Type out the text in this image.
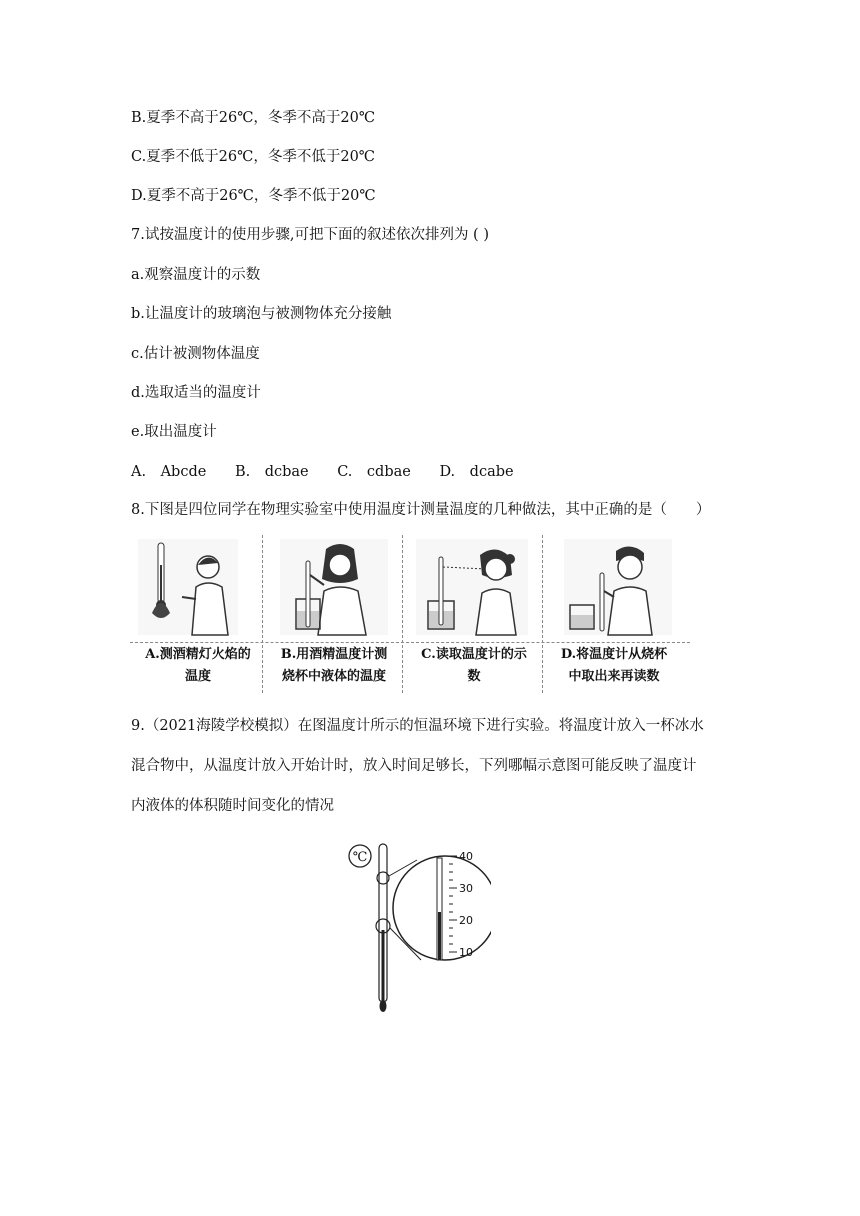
B.夏季不高于26℃，冬季不高于20℃
C.夏季不低于26℃，冬季不低于20℃
D.夏季不高于26℃，冬季不低于20℃
7.试按温度计的使用步骤,可把下面的叙述依次排列为 ( )
a.观察温度计的示数
b.让温度计的玻璃泡与被测物体充分接触
c.估计被测物体温度
d.选取适当的温度计
e.取出温度计
A.　Abcde B.　dcbae C.　cdbae D.　dcabe
8.下图是四位同学在物理实验室中使用温度计测量温度的几种做法，其中正确的是（　　）
A.测酒精灯火焰的
温度
B.用酒精温度计测
烧杯中液体的温度
C.读取温度计的示
数
D.将温度计从烧杯
中取出来再读数
9.（2021海陵学校模拟）在图温度计所示的恒温环境下进行实验。将温度计放入一杯冰水
混合物中，从温度计放入开始计时，放入时间足够长，下列哪幅示意图可能反映了温度计
内液体的体积随时间变化的情况
℃	40
30
20
10
